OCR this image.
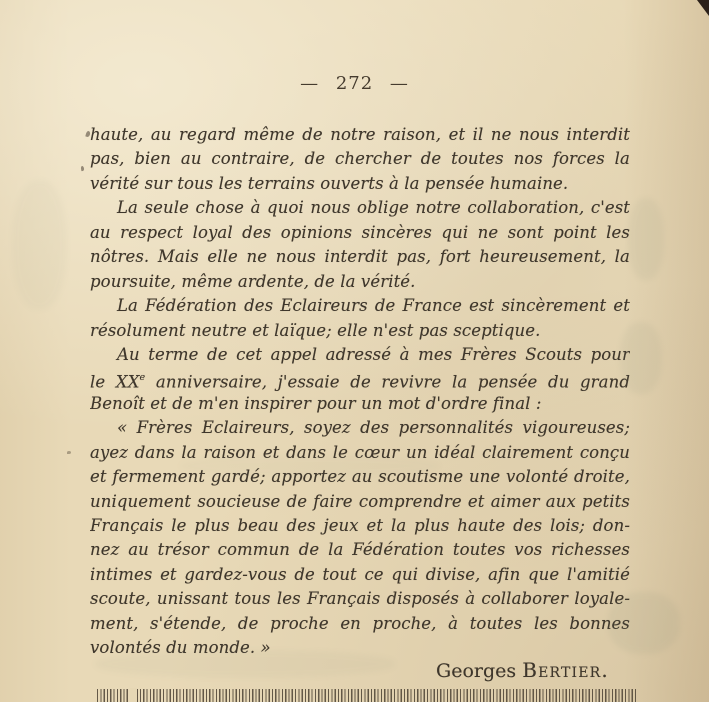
— 272 —
haute, au regard même de notre raison, et il ne nous interdit
pas, bien au contraire, de chercher de toutes nos forces la
vérité sur tous les terrains ouverts à la pensée humaine.
La seule chose à quoi nous oblige notre collaboration, c'est
au respect loyal des opinions sincères qui ne sont point les
nôtres. Mais elle ne nous interdit pas, fort heureusement, la
poursuite, même ardente, de la vérité.
La Fédération des Eclaireurs de France est sincèrement et
résolument neutre et laïque; elle n'est pas sceptique.
Au terme de cet appel adressé à mes Frères Scouts pour
le XXe anniversaire, j'essaie de revivre la pensée du grand
Benoît et de m'en inspirer pour un mot d'ordre final :
« Frères Eclaireurs, soyez des personnalités vigoureuses;
ayez dans la raison et dans le cœur un idéal clairement conçu
et fermement gardé; apportez au scoutisme une volonté droite,
uniquement soucieuse de faire comprendre et aimer aux petits
Français le plus beau des jeux et la plus haute des lois; don-
nez au trésor commun de la Fédération toutes vos richesses
intimes et gardez-vous de tout ce qui divise, afin que l'amitié
scoute, unissant tous les Français disposés à collaborer loyale-
ment, s'étende, de proche en proche, à toutes les bonnes
volontés du monde. »
Georges Bertier.
